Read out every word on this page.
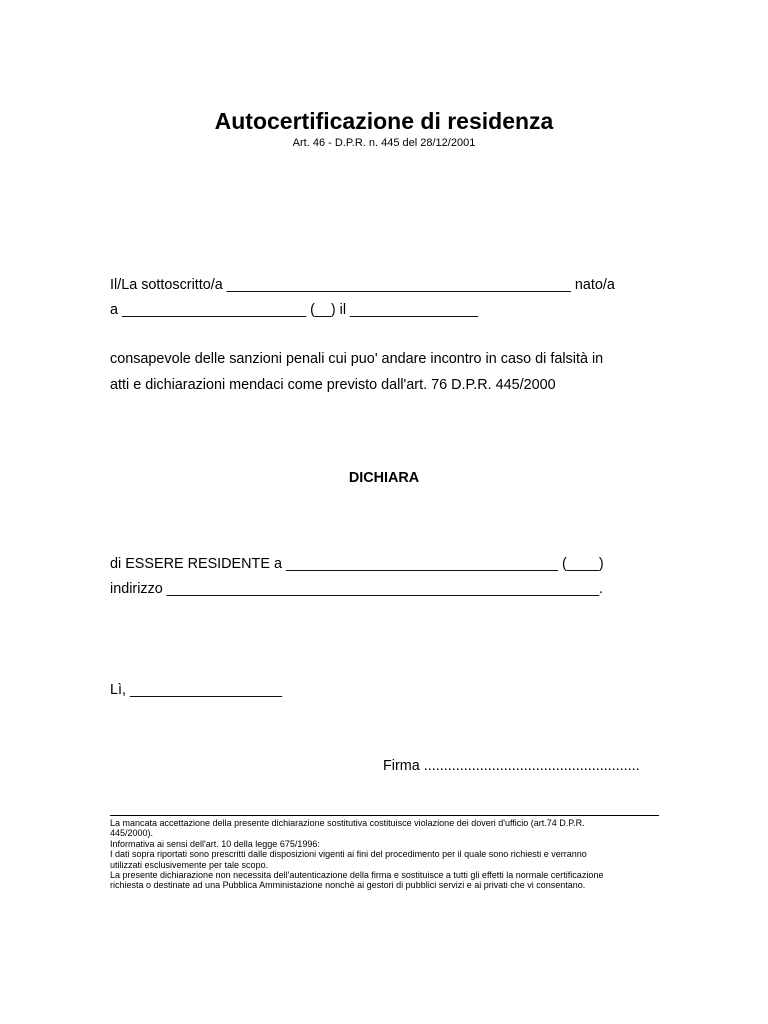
Autocertificazione di residenza
Art. 46 - D.P.R. n. 445 del 28/12/2001
Il/La sottoscritto/a ___________________________________________ nato/a
a _______________________ (__) il ________________
consapevole delle sanzioni penali cui puo' andare incontro in caso di falsità in
atti e dichiarazioni mendaci come previsto dall'art. 76 D.P.R. 445/2000
DICHIARA
di ESSERE RESIDENTE a __________________________________ (____)
indirizzo ______________________________________________________.
Lì, ___________________
Firma ......................................................
La mancata accettazione della presente dichiarazione sostitutiva costituisce violazione dei doveri d'ufficio (art.74 D.P.R.
445/2000).
Informativa ai sensi dell'art. 10 della legge 675/1996:
I dati sopra riportati sono prescritti dalle disposizioni vigenti ai fini del procedimento per il quale sono richiesti e verranno
utilizzati esclusivemente per tale scopo.
La presente dichiarazione non necessita dell'autenticazione della firma e sostituisce a tutti gli effetti la normale certificazione
richiesta o destinate ad una Pubblica Amministazione nonchè ai gestori di pubblici servizi e ai privati che vi consentano.
